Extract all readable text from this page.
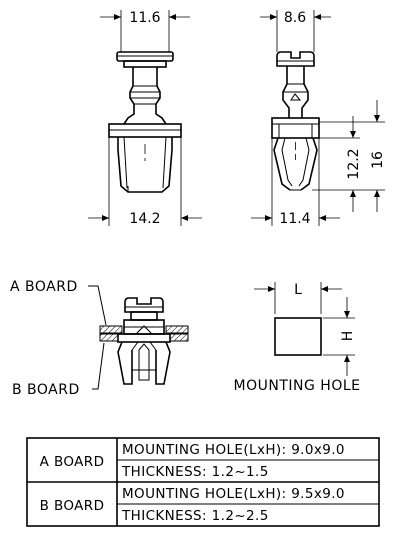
11.6
14.2
8.6
11.4
12.2 16
A BOARD
B BOARD
L
H
MOUNTING HOLE
A BOARD
MOUNTING HOLE(LxH): 9.0x9.0
THICKNESS: 1.2~1.5
B BOARD
MOUNTING HOLE(LxH): 9.5x9.0
THICKNESS: 1.2~2.5
